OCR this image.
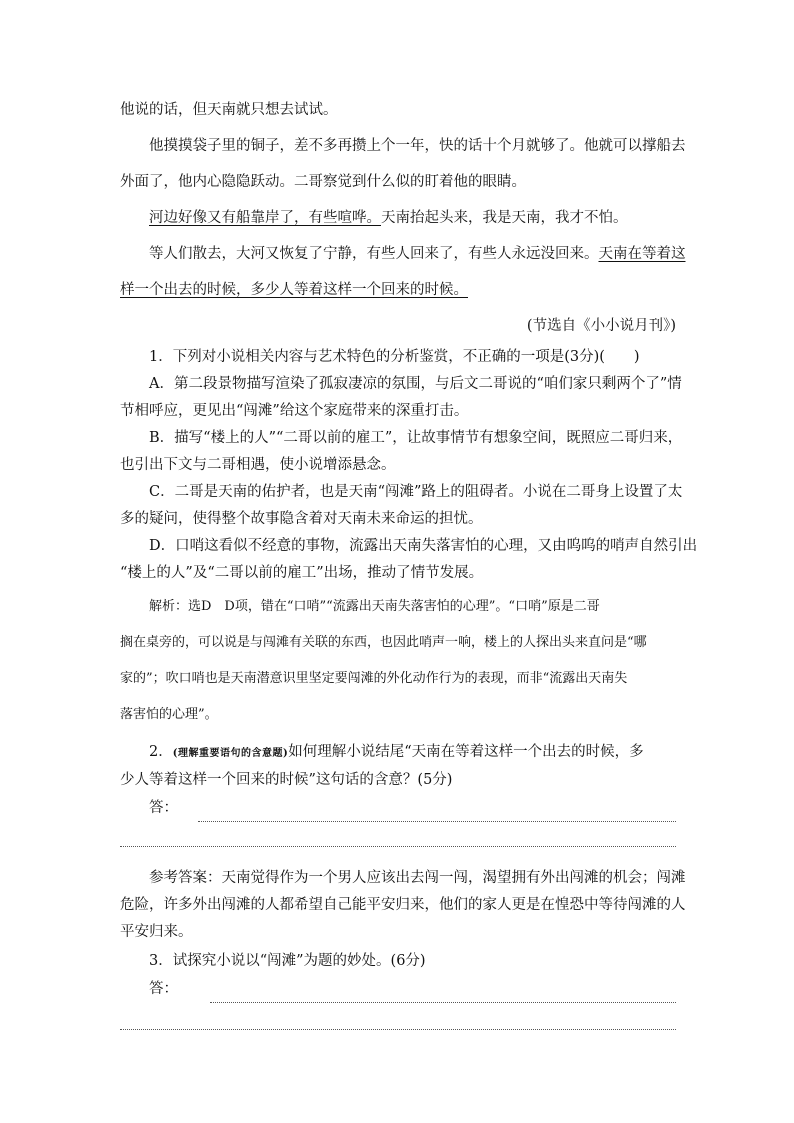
他说的话，但天南就只想去试试。
他摸摸袋子里的铜子，差不多再攒上个一年，快的话十个月就够了。他就可以撑船去
外面了，他内心隐隐跃动。二哥察觉到什么似的盯着他的眼睛。
河边好像又有船靠岸了，有些喧哗。天南抬起头来，我是天南，我才不怕。
等人们散去，大河又恢复了宁静，有些人回来了，有些人永远没回来。天南在等着这
样一个出去的时候，多少人等着这样一个回来的时候。
(节选自《小小说月刊》)
1．下列对小说相关内容与艺术特色的分析鉴赏，不正确的一项是(3分)(　　)
A．第二段景物描写渲染了孤寂凄凉的氛围，与后文二哥说的“咱们家只剩两个了”情
节相呼应，更见出“闯滩”给这个家庭带来的深重打击。
B．描写“楼上的人”“二哥以前的雇工”，让故事情节有想象空间，既照应二哥归来，
也引出下文与二哥相遇，使小说增添悬念。
C．二哥是天南的佑护者，也是天南“闯滩”路上的阻碍者。小说在二哥身上设置了太
多的疑问，使得整个故事隐含着对天南未来命运的担忧。
D．口哨这看似不经意的事物，流露出天南失落害怕的心理，又由呜呜的哨声自然引出
“楼上的人”及“二哥以前的雇工”出场，推动了情节发展。
解析：选D　D项，错在“口哨”“流露出天南失落害怕的心理”。“口哨”原是二哥
搁在桌旁的，可以说是与闯滩有关联的东西，也因此哨声一响，楼上的人探出头来直问是“哪
家的”；吹口哨也是天南潜意识里坚定要闯滩的外化动作行为的表现，而非“流露出天南失
落害怕的心理”。
2．(理解重要语句的含意题)如何理解小说结尾“天南在等着这样一个出去的时候，多
少人等着这样一个回来的时候”这句话的含意？(5分)
答：
参考答案：天南觉得作为一个男人应该出去闯一闯，渴望拥有外出闯滩的机会；闯滩
危险，许多外出闯滩的人都希望自己能平安归来，他们的家人更是在惶恐中等待闯滩的人
平安归来。
3．试探究小说以“闯滩”为题的妙处。(6分)
答：
